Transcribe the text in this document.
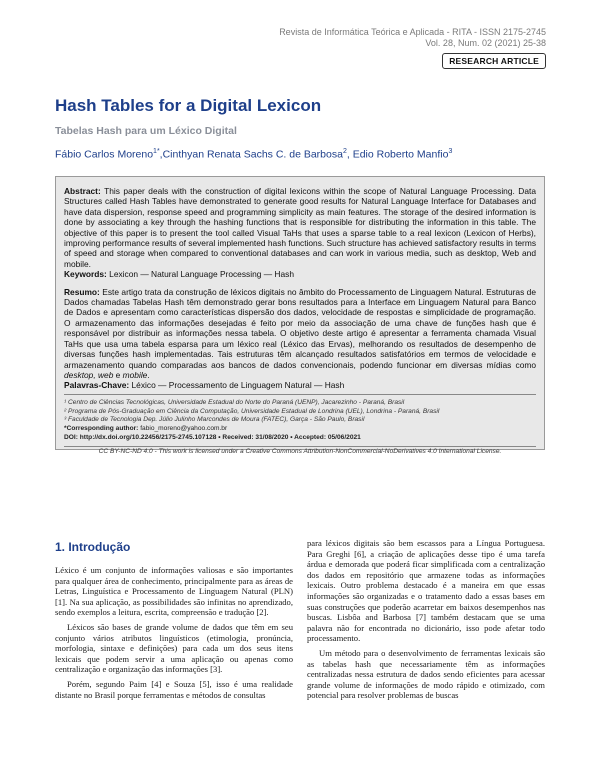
Revista de Informática Teórica e Aplicada - RITA - ISSN 2175-2745
Vol. 28, Num. 02 (2021) 25-38
RESEARCH ARTICLE
Hash Tables for a Digital Lexicon
Tabelas Hash para um Léxico Digital
Fábio Carlos Moreno$^{1*}$,Cinthyan Renata Sachs C. de Barbosa$^2$, Edio Roberto Manfio$^3$

Abstract: This paper deals with the construction of digital lexicons within the scope of Natural Language Processing. Data Structures called Hash Tables have demonstrated to generate good results for Natural Language Interface for Databases and have data dispersion, response speed and programming simplicity as main features. The storage of the desired information is done by associating a key through the hashing functions that is responsible for distributing the information in this table. The objective of this paper is to present the tool called Visual TaHs that uses a sparse table to a real lexicon (Lexicon of Herbs), improving performance results of several implemented hash functions. Such structure has achieved satisfactory results in terms of speed and storage when compared to conventional databases and can work in various media, such as desktop, Web and mobile.

Keywords: Lexicon — Natural Language Processing — Hash

Resumo: Este artigo trata da construção de léxicos digitais no âmbito do Processamento de Linguagem Natural. Estruturas de Dados chamadas Tabelas Hash têm demonstrado gerar bons resultados para a Interface em Linguagem Natural para Banco de Dados e apresentam como características dispersão dos dados, velocidade de respostas e simplicidade de programação. O armazenamento das informações desejadas é feito por meio da associação de uma chave de funções hash que é responsável por distribuir as informações nessa tabela. O objetivo deste artigo é apresentar a ferramenta chamada Visual TaHs que usa uma tabela esparsa para um léxico real (Léxico das Ervas), melhorando os resultados de desempenho de diversas funções hash implementadas. Tais estruturas têm alcançado resultados satisfatórios em termos de velocidade e armazenamento quando comparadas aos bancos de dados convencionais, podendo funcionar em diversas mídias como desktop, web e mobile.

Palavras-Chave: Léxico — Processamento de Linguagem Natural — Hash

¹ Centro de Ciências Tecnológicas, Universidade Estadual do Norte do Paraná (UENP), Jacarezinho - Paraná, Brasil
² Programa de Pós-Graduação em Ciência da Computação, Universidade Estadual de Londrina (UEL), Londrina - Paraná, Brasil
³ Faculdade de Tecnologia Dep. Júlio Julinho Marcondes de Moura (FATEC), Garça - São Paulo, Brasil
*Corresponding author: fabio_moreno@yahoo.com.br
DOI: http://dx.doi.org/10.22456/2175-2745.107128 • Received: 31/08/2020 • Accepted: 05/06/2021
CC BY-NC-ND 4.0 - This work is licensed under a Creative Commons Attribution-NonCommercial-NoDerivatives 4.0 International License.
1. Introdução

Léxico é um conjunto de informações valiosas e são importantes para qualquer área de conhecimento, principalmente para as áreas de Letras, Linguística e Processamento de Linguagem Natural (PLN) [1]. Na sua aplicação, as possibilidades são infinitas no aprendizado, sendo exemplos a leitura, escrita, compreensão e tradução [2].

Léxicos são bases de grande volume de dados que têm em seu conjunto vários atributos linguísticos (etimologia, pronúncia, morfologia, sintaxe e definições) para cada um dos seus itens lexicais que podem servir a uma aplicação ou apenas como centralização e organização das informações [3].

Porém, segundo Paim [4] e Souza [5], isso é uma realidade distante no Brasil porque ferramentas e métodos de consultas

para léxicos digitais são bem escassos para a Língua Portuguesa. Para Greghi [6], a criação de aplicações desse tipo é uma tarefa árdua e demorada que poderá ficar simplificada com a centralização dos dados em repositório que armazene todas as informações lexicais. Outro problema destacado é a maneira em que essas informações são organizadas e o tratamento dado a essas bases em suas construções que poderão acarretar em baixos desempenhos nas buscas. Lisbôa and Barbosa [7] também destacam que se uma palavra não for encontrada no dicionário, isso pode afetar todo processamento.

Um método para o desenvolvimento de ferramentas lexicais são as tabelas hash que necessariamente têm as informações centralizadas nessa estrutura de dados sendo eficientes para acessar grande volume de informações de modo rápido e otimizado, com potencial para resolver problemas de buscas
